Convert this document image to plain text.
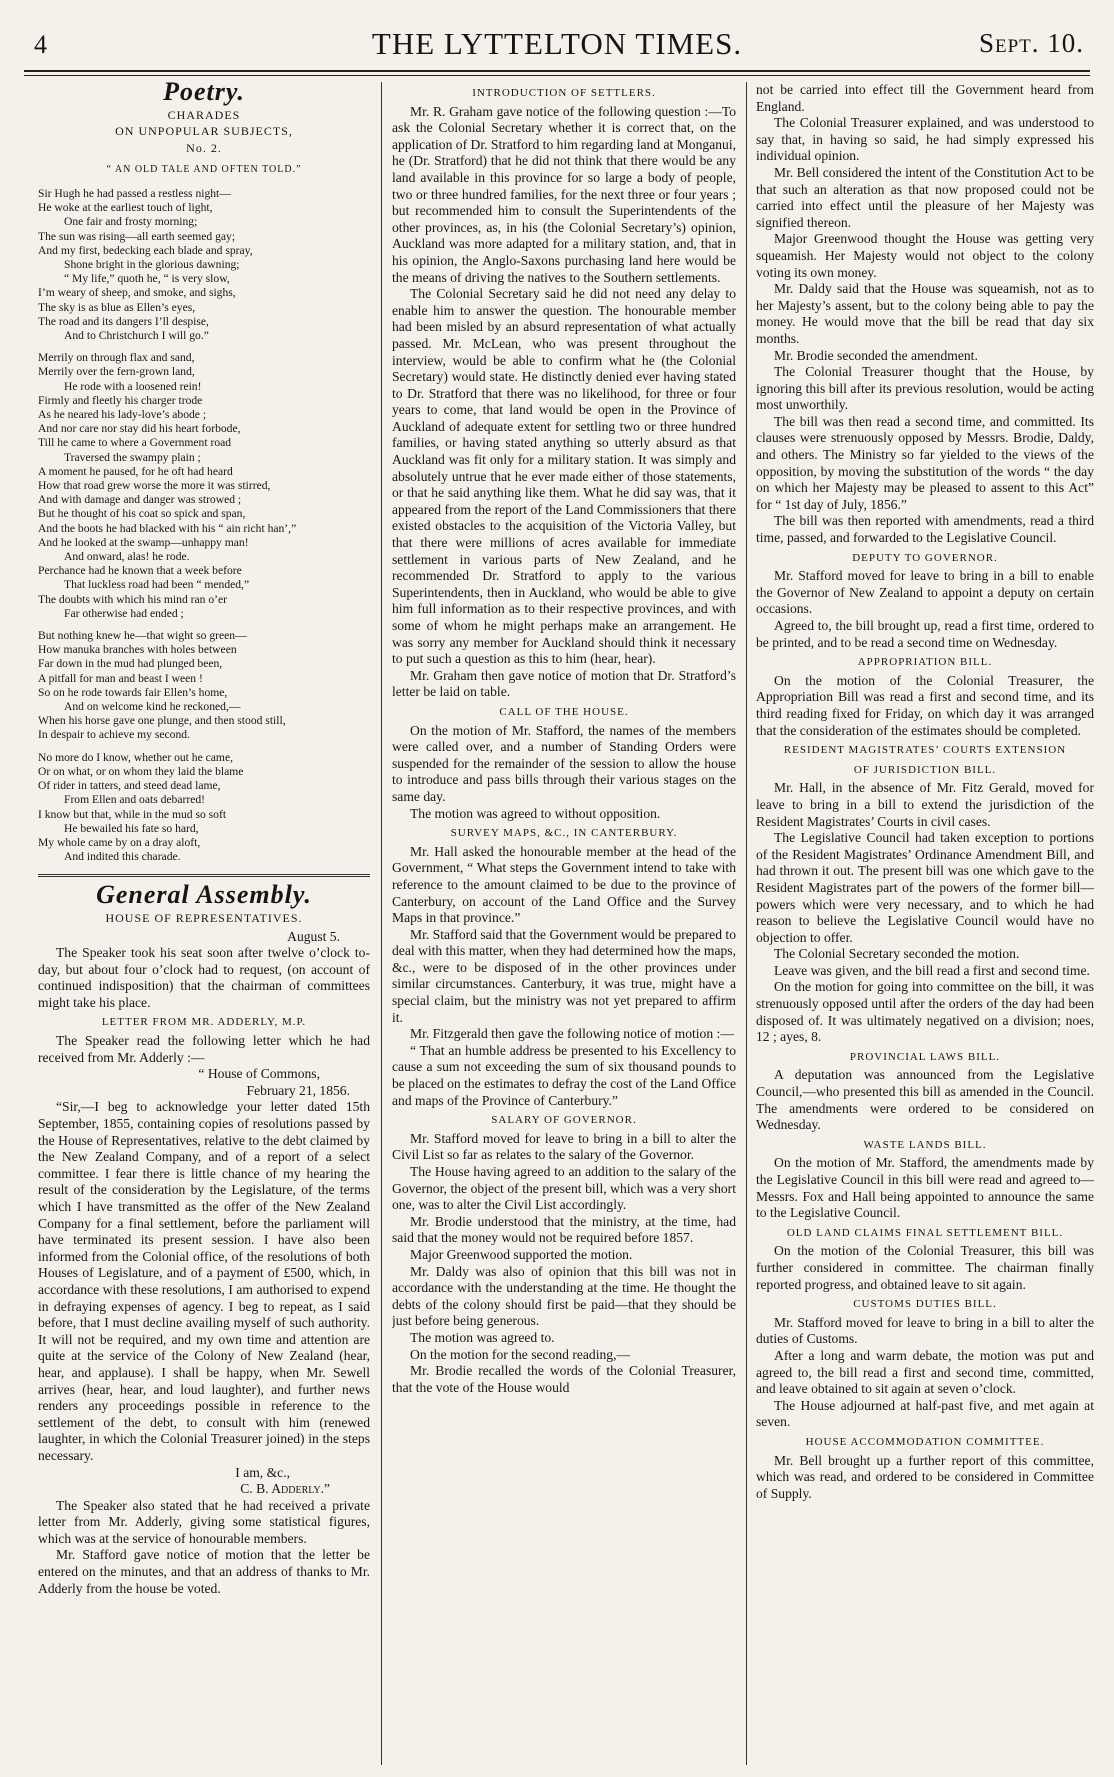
4	THE LYTTELTON TIMES.	Sept. 10.
Poetry.
CHARADES
ON UNPOPULAR SUBJECTS,
No. 2.
“ AN OLD TALE AND OFTEN TOLD.”
Sir Hugh he had passed a restless night—
He woke at the earliest touch of light,
One fair and frosty morning;
The sun was rising—all earth seemed gay;
And my first, bedecking each blade and spray,
Shone bright in the glorious dawning;
“ My life,” quoth he, “ is very slow,
I’m weary of sheep, and smoke, and sighs,
The sky is as blue as Ellen’s eyes,
The road and its dangers I’ll despise,
And to Christchurch I will go.”
Merrily on through flax and sand,
Merrily over the fern-grown land,
He rode with a loosened rein!
Firmly and fleetly his charger trode
As he neared his lady-love’s abode ;
And nor care nor stay did his heart forbode,
Till he came to where a Government road
Traversed the swampy plain ;
A moment he paused, for he oft had heard
How that road grew worse the more it was stirred,
And with damage and danger was strowed ;
But he thought of his coat so spick and span,
And the boots he had blacked with his “ ain richt han’,”
And he looked at the swamp—unhappy man!
And onward, alas! he rode.
Perchance had he known that a week before
That luckless road had been “ mended,”
The doubts with which his mind ran o’er
Far otherwise had ended ;
But nothing knew he—that wight so green—
How manuka branches with holes between
Far down in the mud had plunged been,
A pitfall for man and beast I ween !
So on he rode towards fair Ellen’s home,
And on welcome kind he reckoned,—
When his horse gave one plunge, and then stood still,
In despair to achieve my second.
No more do I know, whether out he came,
Or on what, or on whom they laid the blame
Of rider in tatters, and steed dead lame,
From Ellen and oats debarred!
I know but that, while in the mud so soft
He bewailed his fate so hard,
My whole came by on a dray aloft,
And indited this charade.
General Assembly.
HOUSE OF REPRESENTATIVES.
August 5.

The Speaker took his seat soon after twelve o’clock to-day, but about four o’clock had to request, (on account of continued indisposition) that the chairman of committees might take his place.

LETTER FROM MR. ADDERLY, M.P.

The Speaker read the following letter which he had received from Mr. Adderly :—

“ House of Commons,
February 21, 1856.

“Sir,—I beg to acknowledge your letter dated 15th September, 1855, containing copies of resolutions passed by the House of Representatives, relative to the debt claimed by the New Zealand Company, and of a report of a select committee. I fear there is little chance of my hearing the result of the consideration by the Legislature, of the terms which I have transmitted as the offer of the New Zealand Company for a final settlement, before the parliament will have terminated its present session. I have also been informed from the Colonial office, of the resolutions of both Houses of Legislature, and of a payment of £500, which, in accordance with these resolutions, I am authorised to expend in defraying expenses of agency. I beg to repeat, as I said before, that I must decline availing myself of such authority. It will not be required, and my own time and attention are quite at the service of the Colony of New Zealand (hear, hear, and applause). I shall be happy, when Mr. Sewell arrives (hear, hear, and loud laughter), and further news renders any proceedings possible in reference to the settlement of the debt, to consult with him (renewed laughter, in which the Colonial Treasurer joined) in the steps necessary.

I am, &c.,
C. B. Adderly.”

The Speaker also stated that he had received a private letter from Mr. Adderly, giving some statistical figures, which was at the service of honourable members.

Mr. Stafford gave notice of motion that the letter be entered on the minutes, and that an address of thanks to Mr. Adderly from the house be voted.

INTRODUCTION OF SETTLERS.

Mr. R. Graham gave notice of the following question :—To ask the Colonial Secretary whether it is correct that, on the application of Dr. Stratford to him regarding land at Monganui, he (Dr. Stratford) that he did not think that there would be any land available in this province for so large a body of people, two or three hundred families, for the next three or four years ; but recommended him to consult the Superintendents of the other provinces, as, in his (the Colonial Secretary’s) opinion, Auckland was more adapted for a military station, and, that in his opinion, the Anglo-Saxons purchasing land here would be the means of driving the natives to the Southern settlements.

The Colonial Secretary said he did not need any delay to enable him to answer the question. The honourable member had been misled by an absurd representation of what actually passed. Mr. McLean, who was present throughout the interview, would be able to confirm what he (the Colonial Secretary) would state. He distinctly denied ever having stated to Dr. Stratford that there was no likelihood, for three or four years to come, that land would be open in the Province of Auckland of adequate extent for settling two or three hundred families, or having stated anything so utterly absurd as that Auckland was fit only for a military station. It was simply and absolutely untrue that he ever made either of those statements, or that he said anything like them. What he did say was, that it appeared from the report of the Land Commissioners that there existed obstacles to the acquisition of the Victoria Valley, but that there were millions of acres available for immediate settlement in various parts of New Zealand, and he recommended Dr. Stratford to apply to the various Superintendents, then in Auckland, who would be able to give him full information as to their respective provinces, and with some of whom he might perhaps make an arrangement. He was sorry any member for Auckland should think it necessary to put such a question as this to him (hear, hear).

Mr. Graham then gave notice of motion that Dr. Stratford’s letter be laid on table.

CALL OF THE HOUSE.

On the motion of Mr. Stafford, the names of the members were called over, and a number of Standing Orders were suspended for the remainder of the session to allow the house to introduce and pass bills through their various stages on the same day.

The motion was agreed to without opposition.

SURVEY MAPS, &C., IN CANTERBURY.

Mr. Hall asked the honourable member at the head of the Government, “ What steps the Government intend to take with reference to the amount claimed to be due to the province of Canterbury, on account of the Land Office and the Survey Maps in that province.”

Mr. Stafford said that the Government would be prepared to deal with this matter, when they had determined how the maps, &c., were to be disposed of in the other provinces under similar circumstances. Canterbury, it was true, might have a special claim, but the ministry was not yet prepared to affirm it.

Mr. Fitzgerald then gave the following notice of motion :—

“ That an humble address be presented to his Excellency to cause a sum not exceeding the sum of six thousand pounds to be placed on the estimates to defray the cost of the Land Office and maps of the Province of Canterbury.”

SALARY OF GOVERNOR.

Mr. Stafford moved for leave to bring in a bill to alter the Civil List so far as relates to the salary of the Governor.

The House having agreed to an addition to the salary of the Governor, the object of the present bill, which was a very short one, was to alter the Civil List accordingly.

Mr. Brodie understood that the ministry, at the time, had said that the money would not be required before 1857.

Major Greenwood supported the motion.

Mr. Daldy was also of opinion that this bill was not in accordance with the understanding at the time. He thought the debts of the colony should first be paid—that they should be just before being generous.

The motion was agreed to.

On the motion for the second reading,—

Mr. Brodie recalled the words of the Colonial Treasurer, that the vote of the House would

not be carried into effect till the Government heard from England.

The Colonial Treasurer explained, and was understood to say that, in having so said, he had simply expressed his individual opinion.

Mr. Bell considered the intent of the Constitution Act to be that such an alteration as that now proposed could not be carried into effect until the pleasure of her Majesty was signified thereon.

Major Greenwood thought the House was getting very squeamish. Her Majesty would not object to the colony voting its own money.

Mr. Daldy said that the House was squeamish, not as to her Majesty’s assent, but to the colony being able to pay the money. He would move that the bill be read that day six months.

Mr. Brodie seconded the amendment.

The Colonial Treasurer thought that the House, by ignoring this bill after its previous resolution, would be acting most unworthily.

The bill was then read a second time, and committed. Its clauses were strenuously opposed by Messrs. Brodie, Daldy, and others. The Ministry so far yielded to the views of the opposition, by moving the substitution of the words “ the day on which her Majesty may be pleased to assent to this Act” for “ 1st day of July, 1856.”

The bill was then reported with amendments, read a third time, passed, and forwarded to the Legislative Council.

DEPUTY TO GOVERNOR.

Mr. Stafford moved for leave to bring in a bill to enable the Governor of New Zealand to appoint a deputy on certain occasions.

Agreed to, the bill brought up, read a first time, ordered to be printed, and to be read a second time on Wednesday.

APPROPRIATION BILL.

On the motion of the Colonial Treasurer, the Appropriation Bill was read a first and second time, and its third reading fixed for Friday, on which day it was arranged that the consideration of the estimates should be completed.

RESIDENT MAGISTRATES’ COURTS EXTENSION
OF JURISDICTION BILL.

Mr. Hall, in the absence of Mr. Fitz Gerald, moved for leave to bring in a bill to extend the jurisdiction of the Resident Magistrates’ Courts in civil cases.

The Legislative Council had taken exception to portions of the Resident Magistrates’ Ordinance Amendment Bill, and had thrown it out. The present bill was one which gave to the Resident Magistrates part of the powers of the former bill—powers which were very necessary, and to which he had reason to believe the Legislative Council would have no objection to offer.

The Colonial Secretary seconded the motion.

Leave was given, and the bill read a first and second time.

On the motion for going into committee on the bill, it was strenuously opposed until after the orders of the day had been disposed of. It was ultimately negatived on a division; noes, 12 ; ayes, 8.

PROVINCIAL LAWS BILL.

A deputation was announced from the Legislative Council,—who presented this bill as amended in the Council. The amendments were ordered to be considered on Wednesday.

WASTE LANDS BILL.

On the motion of Mr. Stafford, the amendments made by the Legislative Council in this bill were read and agreed to—Messrs. Fox and Hall being appointed to announce the same to the Legislative Council.

OLD LAND CLAIMS FINAL SETTLEMENT BILL.

On the motion of the Colonial Treasurer, this bill was further considered in committee. The chairman finally reported progress, and obtained leave to sit again.

CUSTOMS DUTIES BILL.

Mr. Stafford moved for leave to bring in a bill to alter the duties of Customs.

After a long and warm debate, the motion was put and agreed to, the bill read a first and second time, committed, and leave obtained to sit again at seven o’clock.

The House adjourned at half-past five, and met again at seven.

HOUSE ACCOMMODATION COMMITTEE.

Mr. Bell brought up a further report of this committee, which was read, and ordered to be considered in Committee of Supply.
